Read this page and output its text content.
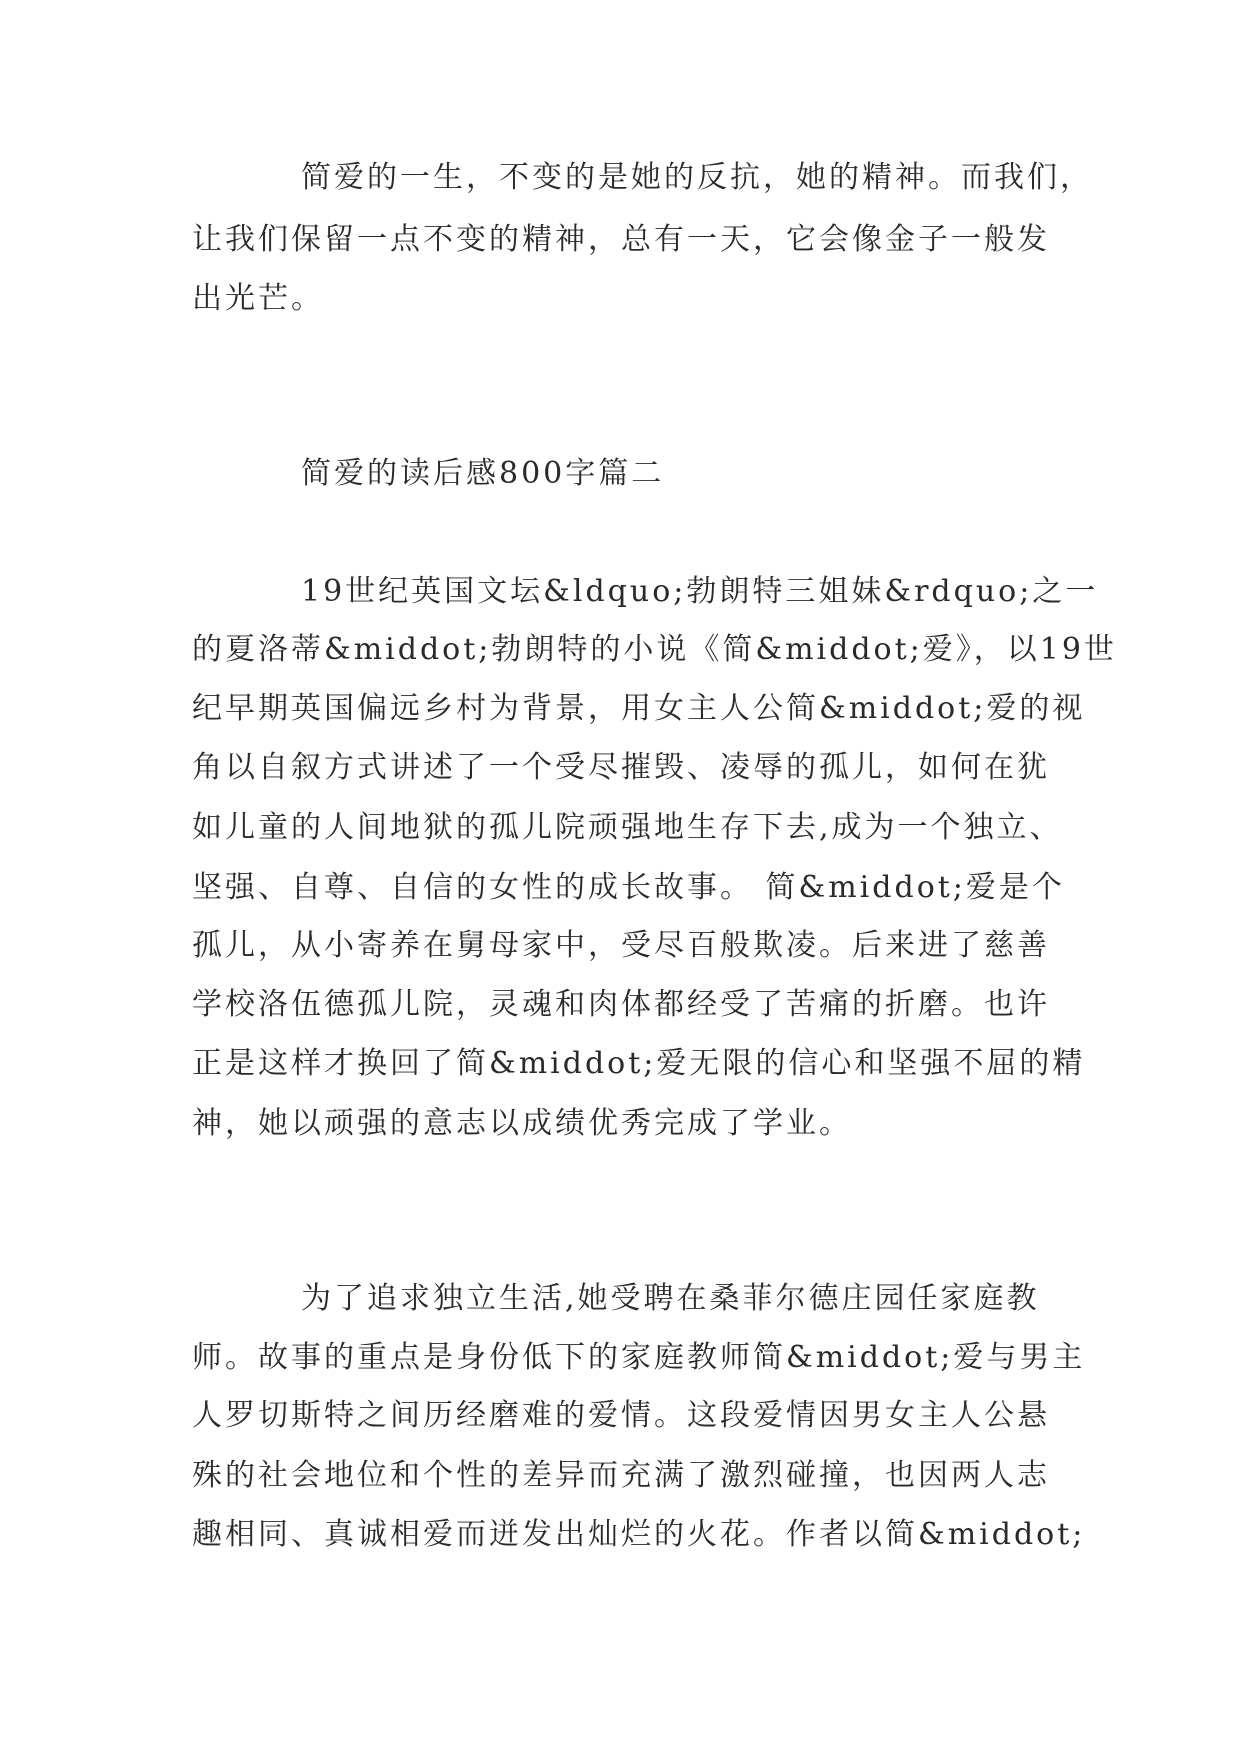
简爱的一生，不变的是她的反抗，她的精神。而我们，

让我们保留一点不变的精神，总有一天，它会像金子一般发

出光芒。

简爱的读后感800字篇二

19世纪英国文坛&ldquo;勃朗特三姐妹&rdquo;之一

的夏洛蒂&middot;勃朗特的小说《简&middot;爱》，以19世

纪早期英国偏远乡村为背景，用女主人公简&middot;爱的视

角以自叙方式讲述了一个受尽摧毁、凌辱的孤儿，如何在犹

如儿童的人间地狱的孤儿院顽强地生存下去,成为一个独立、

坚强、自尊、自信的女性的成长故事。 简&middot;爱是个

孤儿，从小寄养在舅母家中，受尽百般欺凌。后来进了慈善

学校洛伍德孤儿院，灵魂和肉体都经受了苦痛的折磨。也许

正是这样才换回了简&middot;爱无限的信心和坚强不屈的精

神，她以顽强的意志以成绩优秀完成了学业。

为了追求独立生活,她受聘在桑菲尔德庄园任家庭教

师。故事的重点是身份低下的家庭教师简&middot;爱与男主

人罗切斯特之间历经磨难的爱情。这段爱情因男女主人公悬

殊的社会地位和个性的差异而充满了激烈碰撞，也因两人志

趣相同、真诚相爱而迸发出灿烂的火花。作者以简&middot;
